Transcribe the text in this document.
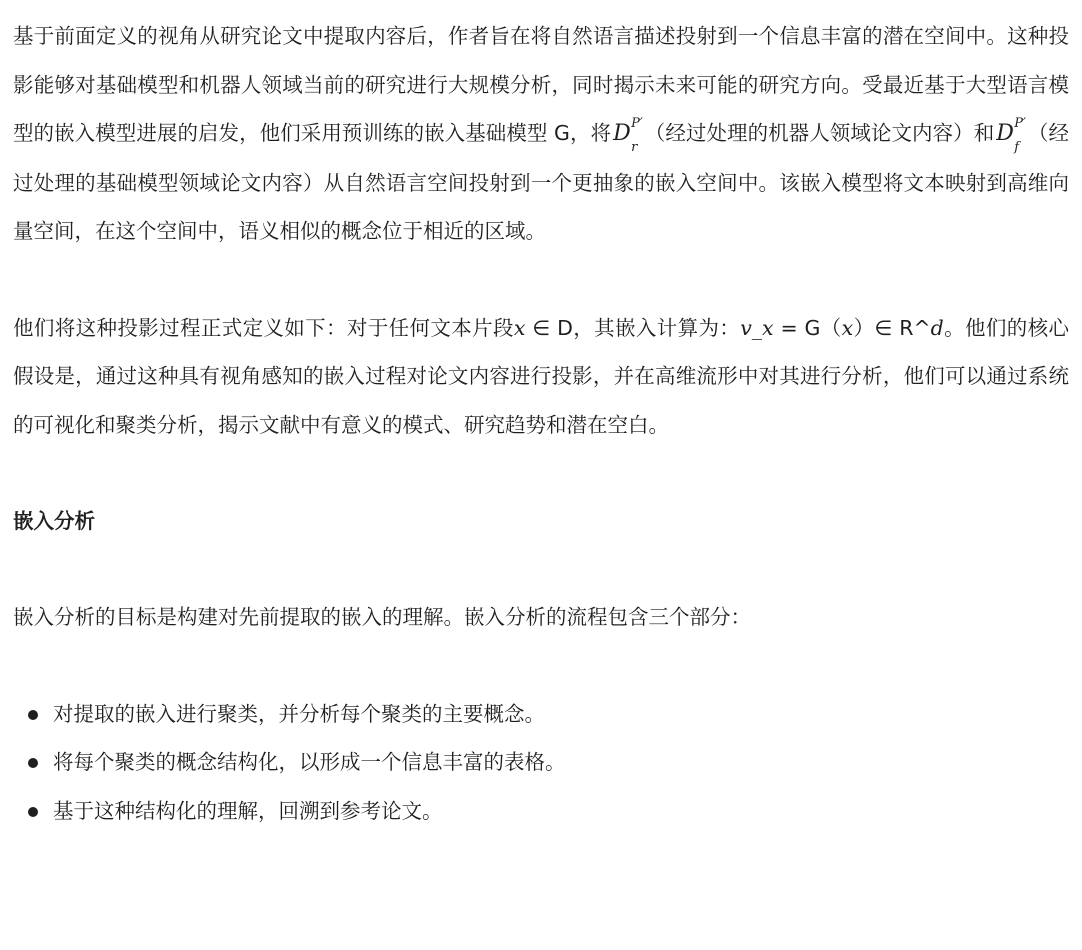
基于前面定义的视角从研究论文中提取内容后，作者旨在将自然语言描述投射到一个信息丰富的潜在空间中。这种投影能够对基础模型和机器人领域当前的研究进行大规模分析，同时揭示未来可能的研究方向。受最近基于大型语言模型的嵌入模型进展的启发，他们采用预训练的嵌入基础模型 G，将D P′
r
（经过处理的机器人领域论文内容）和D P′
f
（经过处理的基础模型领域论文内容）从自然语言空间投射到一个更抽象的嵌入空间中。该嵌入模型将文本映射到高维向量空间，在这个空间中，语义相似的概念位于相近的区域。

他们将这种投影过程正式定义如下：对于任何文本片段x ∈ D，其嵌入计算为：v_x = G（x）∈ R^d。他们的核心假设是，通过这种具有视角感知的嵌入过程对论文内容进行投影，并在高维流形中对其进行分析，他们可以通过系统的可视化和聚类分析，揭示文献中有意义的模式、研究趋势和潜在空白。

嵌入分析

嵌入分析的目标是构建对先前提取的嵌入的理解。嵌入分析的流程包含三个部分：

对提取的嵌入进行聚类，并分析每个聚类的主要概念。
将每个聚类的概念结构化，以形成一个信息丰富的表格。
基于这种结构化的理解，回溯到参考论文。
